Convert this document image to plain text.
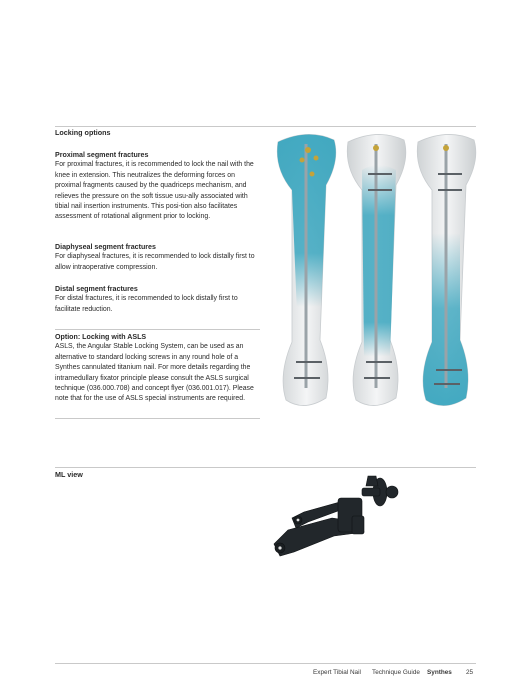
Locking options

Proximal segment fractures

For proximal fractures, it is recommended to lock the nail with the knee in extension. This neutralizes the deforming forces on proximal fragments caused by the quadriceps mechanism, and relieves the pressure on the soft tissue usu-ally associated with tibial nail insertion instruments. This posi-tion also facilitates assessment of rotational alignment prior to locking.

Diaphyseal segment fractures

For diaphyseal fractures, it is recommended to lock distally first to allow intraoperative compression.

Distal segment fractures

For distal fractures, it is recommended to lock distally first to facilitate reduction.

Option: Locking with ASLS

ASLS, the Angular Stable Locking System, can be used as an alternative to standard locking screws in any round hole of a Synthes cannulated titanium nail. For more details regarding the intramedullary fixator principle please consult the ASLS surgical technique (036.000.708) and concept flyer (036.001.017). Please note that for the use of ASLS special instruments are required.

ML view
Expert Tibial Nail Technique Guide Synthes 25
